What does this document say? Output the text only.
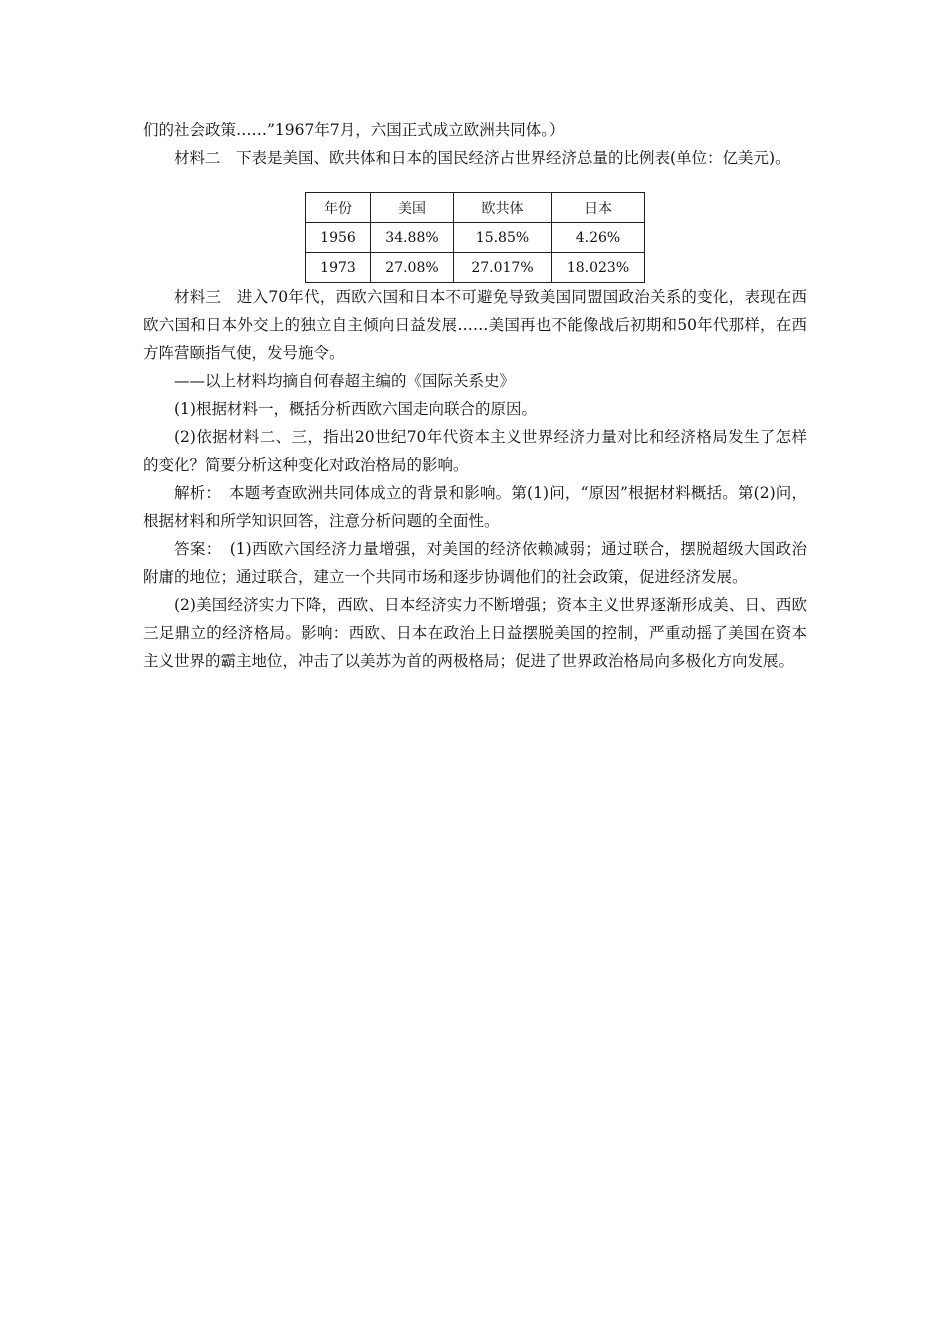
们的社会政策……”1967年7月，六国正式成立欧洲共同体。）

材料二　下表是美国、欧共体和日本的国民经济占世界经济总量的比例表(单位：亿美元)。

年份	美国	欧共体	日本
1956	34.88%	15.85%	4.26%
1973	27.08%	27.017%	18.023%

材料三　进入70年代，西欧六国和日本不可避免导致美国同盟国政治关系的变化，表现在西欧六国和日本外交上的独立自主倾向日益发展……美国再也不能像战后初期和50年代那样，在西方阵营颐指气使，发号施令。

——以上材料均摘自何春超主编的《国际关系史》

(1)根据材料一，概括分析西欧六国走向联合的原因。

(2)依据材料二、三，指出20世纪70年代资本主义世界经济力量对比和经济格局发生了怎样的变化？简要分析这种变化对政治格局的影响。

解析：　本题考查欧洲共同体成立的背景和影响。第(1)问，“原因”根据材料概括。第(2)问，根据材料和所学知识回答，注意分析问题的全面性。

答案：　(1)西欧六国经济力量增强，对美国的经济依赖减弱；通过联合，摆脱超级大国政治附庸的地位；通过联合，建立一个共同市场和逐步协调他们的社会政策，促进经济发展。

(2)美国经济实力下降，西欧、日本经济实力不断增强；资本主义世界逐渐形成美、日、西欧三足鼎立的经济格局。影响：西欧、日本在政治上日益摆脱美国的控制，严重动摇了美国在资本主义世界的霸主地位，冲击了以美苏为首的两极格局；促进了世界政治格局向多极化方向发展。
